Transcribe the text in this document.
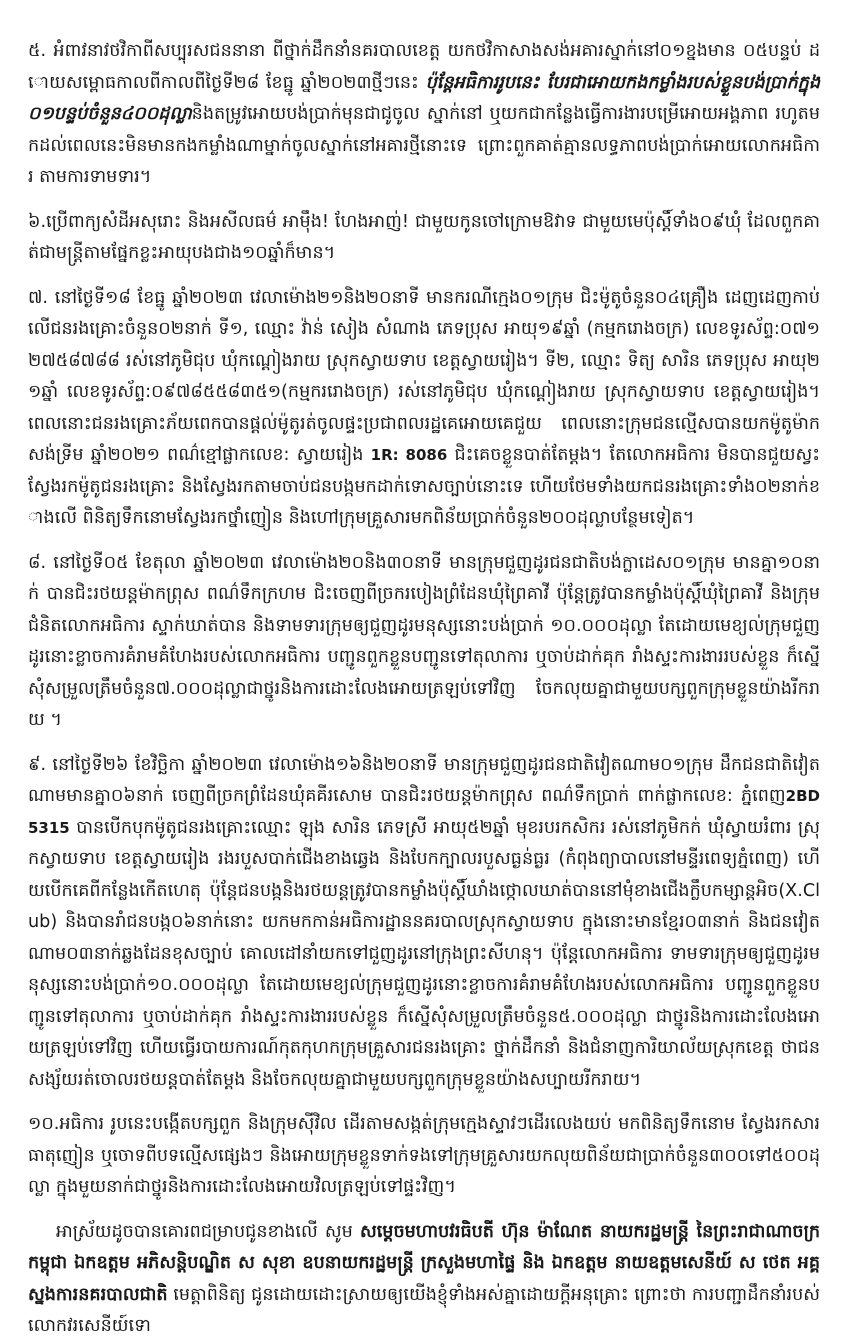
៥. អំពាវនាវថវិកាពីសប្បុរសជននានា ពីថ្នាក់ដឹកនាំនគរបាលខេត្ត យកថវិកាសាងសង់អគារស្នាក់នៅ០១ខ្នងមាន ០៥បន្ទប់ ដោយសម្ពោធកាលពីកាលពីថ្ងៃទី២៨ ខែធ្នូ ឆ្នាំ២០២៣ថ្មីៗនេះ ប៉ុន្តែអធិការរូបនេះ បែរជាអោយកងកម្លាំងរបស់ខ្លួនបង់ប្រាក់ក្នុង០១បន្ទប់ចំនួន៤០០ដុល្លានិងតម្រូវអោយបង់ប្រាក់មុនជាជូចូល ស្នាក់នៅ ឬយកជាកន្លែងធ្វើការងារបម្រើអោយអង្គភាព រហូតមកដល់ពេលនេះមិនមានកងកម្លាំងណាម្នាក់ចូលស្នាក់នៅអគារថ្មីនោះទេ ព្រោះពួកគាត់គ្មានលទ្ធភាពបង់ប្រាក់អោយលោកអធិការ តាមការទាមទារ។

៦.ប្រើពាក្យសំដីអសុរោះ និងអសីលធម៌ អាម៉ឹង! ហែងអាញ់! ជាមួយកូនចៅក្រោមឱវាទ ជាមួយមេប៉ុស្តិ៍ទាំង០៩ឃុំ ដែលពួកគាត់ជាមន្ត្រីតាមផ្នែកខ្លះអាយុបងជាង១០ឆ្នាំក៏មាន។

៧. នៅថ្ងៃទី១៨ ខែធ្នូ ឆ្នាំ២០២៣ វេលាម៉ោង២១និង២០នាទី មានករណីក្មេង០១ក្រុម ជិះម៉ូតូចំនួន០៤គ្រឿង ដេញដេញកាប់លើជនរងគ្រោះចំនួន០២នាក់ ទី១, ឈ្មោះ វ៉ាន់ សៀង សំណាង ភេទប្រុស អាយុ១៩ឆ្នាំ (កម្មករោងចក្រ) លេខទូរស័ព្ទ:០៧១២៧៥៨៧៨៨ រស់នៅភូមិជុប ឃុំកណ្តៀងរាយ ស្រុកស្វាយទាប ខេត្តស្វាយរៀង។ ទី២, ឈ្មោះ ទិត្យ សារិន ភេទប្រុស អាយុ២១ឆ្នាំ លេខទូរស័ព្ទ:០៩៧៨៥៥៨៣៥១(កម្មកររោងចក្រ) រស់នៅភូមិជុប ឃុំកណ្តៀងរាយ ស្រុកស្វាយទាប ខេត្តស្វាយរៀង។ ពេលនោះជនរងគ្រោះភ័យពេកបានផ្តល់ម៉ូតូរត់ចូលផ្ទះប្រជាពលរដ្ឋគេអោយគេជួយ ពេលនោះក្រុមជនល្មើសបានយកម៉ូតូម៉ាកសង់ទ្រីម ឆ្នាំ២០២១ ពណ៌ខ្មៅផ្លាកលេខ: ស្វាយរៀង 1R: 8086 ជិះគេចខ្លួនបាត់តែម្តង។ តែលោកអធិការ មិនបានជួយស្វះស្វែងរកម៉ូតូជនរងគ្រោះ និងស្វែងរកតាមចាប់ជនបង្កមកដាក់ទោសច្បាប់នោះទេ ហើយថែមទាំងយកជនរងគ្រោះទាំង០២នាក់ខាងលើ ពិនិត្យទឹកនោមស្វែងរកថ្នាំញៀន និងហៅក្រុមគ្រួសារមកពិន័យប្រាក់ចំនួន២០០ដុល្លាបន្ថែមទៀត។

៨. នៅថ្ងៃទី០៥ ខែតុលា ឆ្នាំ២០២៣ វេលាម៉ោង២០និង៣០នាទី មានក្រុមជួញដូរជនជាតិបង់ក្លាដេស០១ក្រុម មានគ្នា១០នាក់ បានជិះរថយន្តម៉ាកព្រុស ពណ៌ទឹកក្រហម ជិះចេញពីច្រករបៀងព្រំដែនឃុំព្រៃគាវី ប៉ុន្តែត្រូវបានកម្លាំងប៉ុស្តិ៍ឃុំព្រៃគាវី និងក្រុមជំនិតលោកអធិការ ស្ទាក់ឃាត់បាន និងទាមទារក្រុមឲ្យជួញដូរមនុស្សនោះបង់ប្រាក់ ១០.០០០ដុល្លា តែដោយមេខ្យល់ក្រុមជួញដូរនោះខ្លាចការគំរាមគំហែងរបស់លោកអធិការ បញ្ជូនពួកខ្លួនបញ្ជូនទៅតុលាការ ឬចាប់ដាក់គុក រាំងស្ទះការងាររបស់ខ្លួន ក៏ស្នើសុំសម្រួលត្រឹមចំនួន៧.០០០ដុល្លាជាថ្នូរនិងការដោះលែងអោយត្រឡប់ទៅវិញ ចែកលុយគ្នាជាមួយបក្សពួកក្រុមខ្លួនយ៉ាងរីករាយ ។

៩. នៅថ្ងៃទី២៦ ខែវិច្ឆិកា ឆ្នាំ២០២៣ វេលាម៉ោង១៦និង២០នាទី មានក្រុមជួញដូរជនជាតិវៀតណាម០១ក្រុម ដឹកជនជាតិវៀតណាមមានគ្នា០៦នាក់ ចេញពីច្រកព្រំដែនឃុំគគីរសោម បានជិះរថយន្តម៉ាកព្រុស ពណ៌ទឹកប្រាក់ ពាក់ផ្លាកលេខ: ភ្នំពេញ2BD 5315 បានបើកបុកម៉ូតូជនរងគ្រោះឈ្មោះ ឡុង សារិន ភេទស្រី អាយុ៥២ឆ្នាំ មុខរបរកសិករ រស់នៅភូមិកក់ ឃុំស្វាយរំពារ ស្រុកស្វាយទាប ខេត្តស្វាយរៀង រងរបួសបាក់ជើងខាងឆ្វេង និងបែកក្បាលរបួសធ្ងន់ធ្ងរ (កំពុងព្យាបាលនៅមន្ទីរពេទ្យភ្នំពេញ) ហើយបើកគេពីកន្លែងកើតហេតុ ប៉ុន្តែជនបង្កនិងរថយន្តត្រូវបានកម្លាំងប៉ុស្តិ៍ឃាំងថ្កោលឃាត់បាននៅមុំខាងជើងក្លឹបកម្សាន្តអិច(X.Club) និងបានរាំជនបង្ក០៦នាក់នោះ យកមកកាន់អធិការដ្ឋាននគរបាលស្រុកស្វាយទាប ក្នុងនោះមានខ្មែរ០៣នាក់ និងជនវៀតណាម០៣នាក់ឆ្លងដែនខុសច្បាប់ គោលដៅនាំយកទៅជួញដូរនៅក្រុងព្រះសីហនុ។ ប៉ុន្តែលោកអធិការ ទាមទារក្រុមឲ្យជួញដូរមនុស្សនោះបង់ប្រាក់១០.០០០ដុល្លា តែដោយមេខ្យល់ក្រុមជួញដូរនោះខ្លាចការគំរាមគំហែងរបស់លោកអធិការ បញ្ជូនពួកខ្លួនបញ្ជូនទៅតុលាការ ឬចាប់ដាក់គុក រាំងស្ទះការងាររបស់ខ្លួន ក៏ស្នើសុំសម្រួលត្រឹមចំនួន៥.០០០ដុល្លា ជាថ្នូរនិងការដោះលែងអោយត្រឡប់ទៅវិញ ហើយធ្វើរបាយការណ៍កុតកុហកក្រុមគ្រួសារជនរងគ្រោះ ថ្នាក់ដឹកនាំ និងជំនាញការិយាល័យស្រុកខេត្ត ថាជនសង្ស័យរត់ចោលរថយន្តបាត់តែម្តង និងចែកលុយគ្នាជាមួយបក្សពួកក្រុមខ្លួនយ៉ាងសប្បាយរីករាយ។

១០.អធិការ រូបនេះបង្កើតបក្សពួក និងក្រុមស៊ីវិល ដើរតាមសង្កត់ក្រុមក្មេងស្ទាវៗដើរលេងយប់ មកពិនិត្យទឹកនោម ស្វែងរកសារធាតុញៀន ឬចោទពីបទល្មើសផ្សេងៗ និងអោយក្រុមខ្លួនទាក់ទងទៅក្រុមគ្រួសារយកលុយពិន័យជាប្រាក់ចំនួន៣០០ទៅ៥០០ដុល្លា ក្នុងមួយនាក់ជាថ្នូរនិងការដោះលែងអោយវិលត្រឡប់ទៅផ្ទះវិញ។

អាស្រ័យដូចបានគោរពជម្រាបជូនខាងលើ សូម សម្តេចមហាបវរធិបតី ហ៊ុន ម៉ាណែត នាយករដ្ឋមន្ត្រី នៃព្រះរាជាណាចក្រកម្ពុជា ឯកឧត្តម អភិសន្តិបណ្ឌិត ស សុខា ឧបនាយករដ្ឋមន្ត្រី ក្រសួងមហាផ្ទៃ និង ឯកឧត្តម នាយឧត្តមសេនីយ៍ ស ថេត អគ្គស្នងការនគរបាលជាតិ មេត្តាពិនិត្យ ជូនដោយដោះស្រាយឲ្យយើងខ្ញុំទាំងអស់គ្នាដោយក្តីអនុគ្រោះ ព្រោះថា ការបញ្ជាដឹកនាំរបស់លោកវរសេនីយ៍ទោ
